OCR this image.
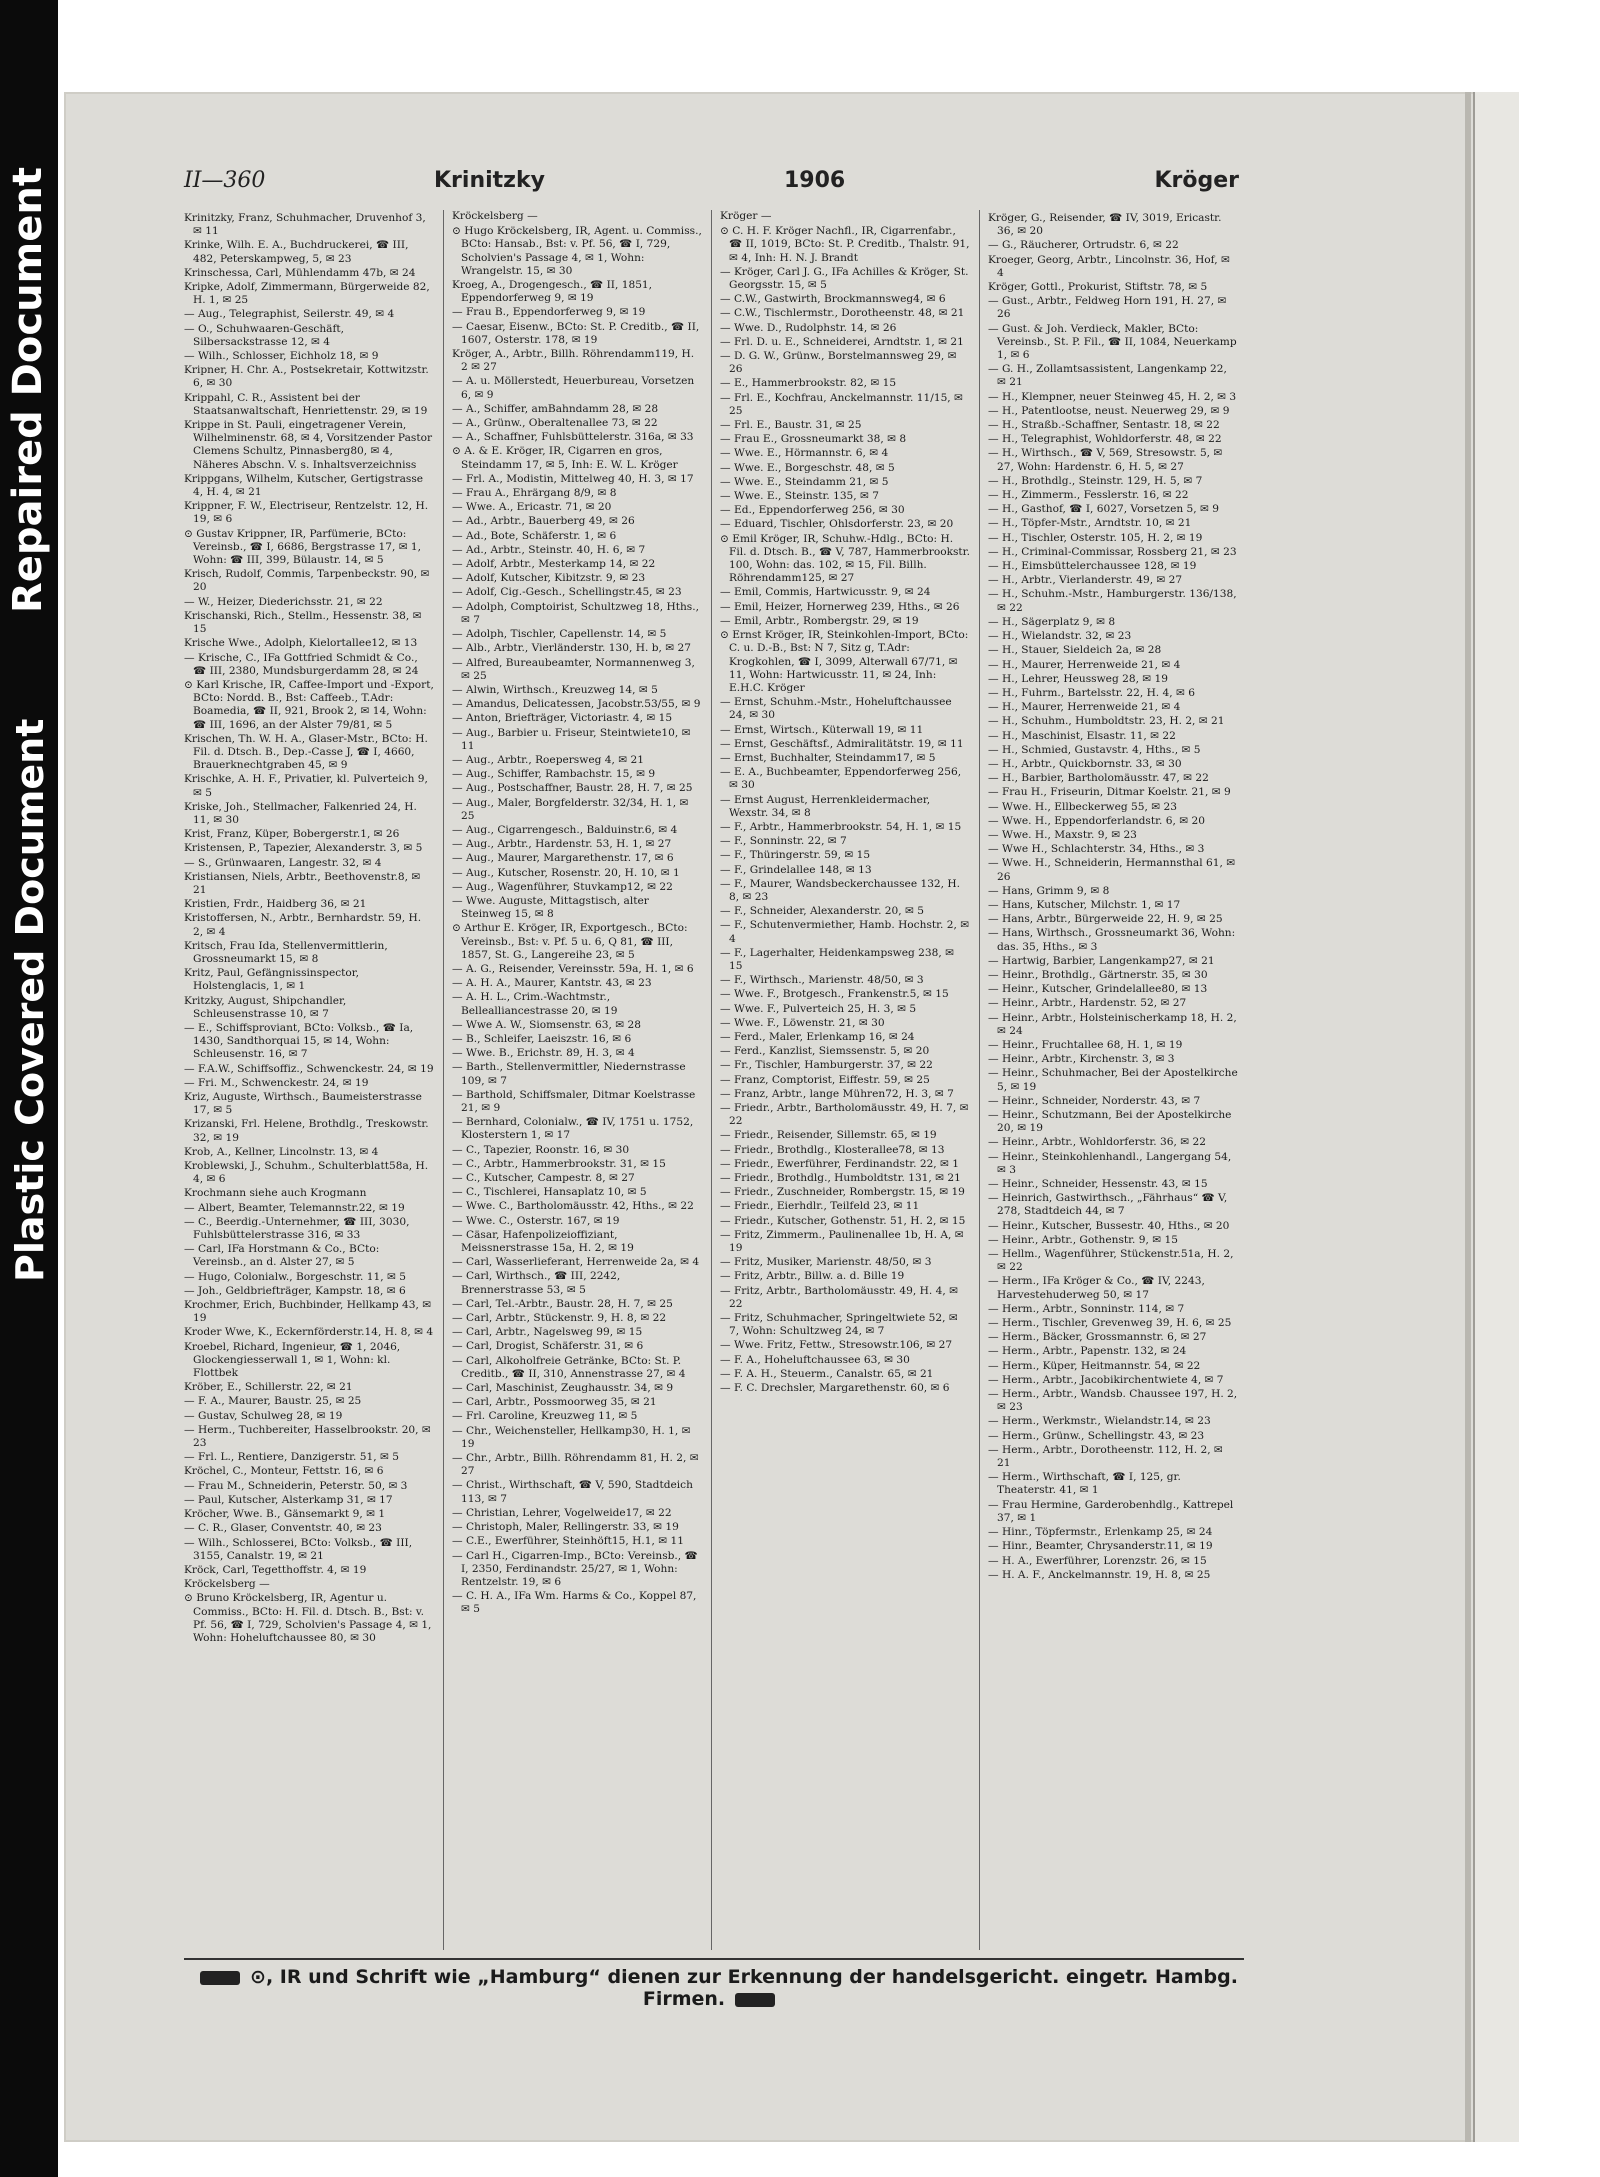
Repaired Document
Plastic Covered Document
II—360	Krinitzky	1906	Kröger
Krinitzky, Franz, Schuhmacher, Druvenhof 3, ✉ 11
Krinke, Wilh. E. A., Buchdruckerei, ☎ III, 482, Peterskampweg, 5, ✉ 23
Krinschessa, Carl, Mühlendamm 47b, ✉ 24
Kripke, Adolf, Zimmermann, Bürgerweide 82, H. 1, ✉ 25
— Aug., Telegraphist, Seilerstr. 49, ✉ 4
— O., Schuhwaaren-Geschäft, Silbersackstrasse 12, ✉ 4
— Wilh., Schlosser, Eichholz 18, ✉ 9
Kripner, H. Chr. A., Postsekretair, Kottwitzstr. 6, ✉ 30
Krippahl, C. R., Assistent bei der Staatsanwaltschaft, Henriettenstr. 29, ✉ 19
Krippe in St. Pauli, eingetragener Verein, Wilhelminenstr. 68, ✉ 4, Vorsitzender Pastor Clemens Schultz, Pinnasberg80, ✉ 4, Näheres Abschn. V. s. Inhaltsverzeichniss
Krippgans, Wilhelm, Kutscher, Gertigstrasse 4, H. 4, ✉ 21
Krippner, F. W., Electriseur, Rentzelstr. 12, H. 19, ✉ 6
⊙ Gustav Krippner, IR, Parfümerie, BCto: Vereinsb., ☎ I, 6686, Bergstrasse 17, ✉ 1, Wohn: ☎ III, 399, Bülaustr. 14, ✉ 5
Krisch, Rudolf, Commis, Tarpenbeckstr. 90, ✉ 20
— W., Heizer, Diederichsstr. 21, ✉ 22
Krischanski, Rich., Stellm., Hessenstr. 38, ✉ 15
Krische Wwe., Adolph, Kielortallee12, ✉ 13
— Krische, C., IFa Gottfried Schmidt & Co., ☎ III, 2380, Mundsburgerdamm 28, ✉ 24
⊙ Karl Krische, IR, Caffee-Import und -Export, BCto: Nordd. B., Bst: Caffeeb., T.Adr: Boamedia, ☎ II, 921, Brook 2, ✉ 14, Wohn: ☎ III, 1696, an der Alster 79/81, ✉ 5
Krischen, Th. W. H. A., Glaser-Mstr., BCto: H. Fil. d. Dtsch. B., Dep.-Casse J, ☎ I, 4660, Brauerknechtgraben 45, ✉ 9
Krischke, A. H. F., Privatier, kl. Pulverteich 9, ✉ 5
Kriske, Joh., Stellmacher, Falkenried 24, H. 11, ✉ 30
Krist, Franz, Küper, Bobergerstr.1, ✉ 26
Kristensen, P., Tapezier, Alexanderstr. 3, ✉ 5
— S., Grünwaaren, Langestr. 32, ✉ 4
Kristiansen, Niels, Arbtr., Beethovenstr.8, ✉ 21
Kristien, Frdr., Haidberg 36, ✉ 21
Kristoffersen, N., Arbtr., Bernhardstr. 59, H. 2, ✉ 4
Kritsch, Frau Ida, Stellenvermittlerin, Grossneumarkt 15, ✉ 8
Kritz, Paul, Gefängnissinspector, Holstenglacis, 1, ✉ 1
Kritzky, August, Shipchandler, Schleusenstrasse 10, ✉ 7
— E., Schiffsproviant, BCto: Volksb., ☎ Ia, 1430, Sandthorquai 15, ✉ 14, Wohn: Schleusenstr. 16, ✉ 7
— F.A.W., Schiffsoffiz., Schwenckestr. 24, ✉ 19
— Fri. M., Schwenckestr. 24, ✉ 19
Kriz, Auguste, Wirthsch., Baumeisterstrasse 17, ✉ 5
Krizanski, Frl. Helene, Brothdlg., Treskowstr. 32, ✉ 19
Krob, A., Kellner, Lincolnstr. 13, ✉ 4
Kroblewski, J., Schuhm., Schulterblatt58a, H. 4, ✉ 6
Krochmann siehe auch Krogmann
— Albert, Beamter, Telemannstr.22, ✉ 19
— C., Beerdig.-Unternehmer, ☎ III, 3030, Fuhlsbüttelerstrasse 316, ✉ 33
— Carl, IFa Horstmann & Co., BCto: Vereinsb., an d. Alster 27, ✉ 5
— Hugo, Colonialw., Borgeschstr. 11, ✉ 5
— Joh., Geldbriefträger, Kampstr. 18, ✉ 6
Krochmer, Erich, Buchbinder, Hellkamp 43, ✉ 19
Kroder Wwe, K., Eckernförderstr.14, H. 8, ✉ 4
Kroebel, Richard, Ingenieur, ☎ 1, 2046, Glockengiesserwall 1, ✉ 1, Wohn: kl. Flottbek
Kröber, E., Schillerstr. 22, ✉ 21
— F. A., Maurer, Baustr. 25, ✉ 25
— Gustav, Schulweg 28, ✉ 19
— Herm., Tuchbereiter, Hasselbrookstr. 20, ✉ 23
— Frl. L., Rentiere, Danzigerstr. 51, ✉ 5
Kröchel, C., Monteur, Fettstr. 16, ✉ 6
— Frau M., Schneiderin, Peterstr. 50, ✉ 3
— Paul, Kutscher, Alsterkamp 31, ✉ 17
Kröcher, Wwe. B., Gänsemarkt 9, ✉ 1
— C. R., Glaser, Conventstr. 40, ✉ 23
— Wilh., Schlosserei, BCto: Volksb., ☎ III, 3155, Canalstr. 19, ✉ 21
Kröck, Carl, Tegetthoffstr. 4, ✉ 19
Kröckelsberg —
⊙ Bruno Kröckelsberg, IR, Agentur u. Commiss., BCto: H. Fil. d. Dtsch. B., Bst: v. Pf. 56, ☎ I, 729, Scholvien's Passage 4, ✉ 1, Wohn: Hoheluftchaussee 80, ✉ 30
Kröckelsberg —
⊙ Hugo Kröckelsberg, IR, Agent. u. Commiss., BCto: Hansab., Bst: v. Pf. 56, ☎ I, 729, Scholvien's Passage 4, ✉ 1, Wohn: Wrangelstr. 15, ✉ 30
Kroeg, A., Drogengesch., ☎ II, 1851, Eppendorferweg 9, ✉ 19
— Frau B., Eppendorferweg 9, ✉ 19
— Caesar, Eisenw., BCto: St. P. Creditb., ☎ II, 1607, Osterstr. 178, ✉ 19
Kröger, A., Arbtr., Billh. Röhrendamm119, H. 2 ✉ 27
— A. u. Möllerstedt, Heuerbureau, Vorsetzen 6, ✉ 9
— A., Schiffer, amBahndamm 28, ✉ 28
— A., Grünw., Oberaltenallee 73, ✉ 22
— A., Schaffner, Fuhlsbüttelerstr. 316a, ✉ 33
⊙ A. & E. Kröger, IR, Cigarren en gros, Steindamm 17, ✉ 5, Inh: E. W. L. Kröger
— Frl. A., Modistin, Mittelweg 40, H. 3, ✉ 17
— Frau A., Ehrärgang 8/9, ✉ 8
— Wwe. A., Ericastr. 71, ✉ 20
— Ad., Arbtr., Bauerberg 49, ✉ 26
— Ad., Bote, Schäferstr. 1, ✉ 6
— Ad., Arbtr., Steinstr. 40, H. 6, ✉ 7
— Adolf, Arbtr., Mesterkamp 14, ✉ 22
— Adolf, Kutscher, Kibitzstr. 9, ✉ 23
— Adolf, Cig.-Gesch., Schellingstr.45, ✉ 23
— Adolph, Comptoirist, Schultzweg 18, Hths., ✉ 7
— Adolph, Tischler, Capellenstr. 14, ✉ 5
— Alb., Arbtr., Vierländerstr. 130, H. b, ✉ 27
— Alfred, Bureaubeamter, Normannenweg 3, ✉ 25
— Alwin, Wirthsch., Kreuzweg 14, ✉ 5
— Amandus, Delicatessen, Jacobstr.53/55, ✉ 9
— Anton, Briefträger, Victoriastr. 4, ✉ 15
— Aug., Barbier u. Friseur, Steintwiete10, ✉ 11
— Aug., Arbtr., Roepersweg 4, ✉ 21
— Aug., Schiffer, Rambachstr. 15, ✉ 9
— Aug., Postschaffner, Baustr. 28, H. 7, ✉ 25
— Aug., Maler, Borgfelderstr. 32/34, H. 1, ✉ 25
— Aug., Cigarrengesch., Balduinstr.6, ✉ 4
— Aug., Arbtr., Hardenstr. 53, H. 1, ✉ 27
— Aug., Maurer, Margarethenstr. 17, ✉ 6
— Aug., Kutscher, Rosenstr. 20, H. 10, ✉ 1
— Aug., Wagenführer, Stuvkamp12, ✉ 22
— Wwe. Auguste, Mittagstisch, alter Steinweg 15, ✉ 8
⊙ Arthur E. Kröger, IR, Exportgesch., BCto: Vereinsb., Bst: v. Pf. 5 u. 6, Q 81, ☎ III, 1857, St. G., Langereihe 23, ✉ 5
— A. G., Reisender, Vereinsstr. 59a, H. 1, ✉ 6
— A. H. A., Maurer, Kantstr. 43, ✉ 23
— A. H. L., Crim.-Wachtmstr., Bellealliancestrasse 20, ✉ 19
— Wwe A. W., Siomsenstr. 63, ✉ 28
— B., Schleifer, Laeiszstr. 16, ✉ 6
— Wwe. B., Erichstr. 89, H. 3, ✉ 4
— Barth., Stellenvermittler, Niedernstrasse 109, ✉ 7
— Barthold, Schiffsmaler, Ditmar Koelstrasse 21, ✉ 9
— Bernhard, Colonialw., ☎ IV, 1751 u. 1752, Klosterstern 1, ✉ 17
— C., Tapezier, Roonstr. 16, ✉ 30
— C., Arbtr., Hammerbrookstr. 31, ✉ 15
— C., Kutscher, Campestr. 8, ✉ 27
— C., Tischlerei, Hansaplatz 10, ✉ 5
— Wwe. C., Bartholomäusstr. 42, Hths., ✉ 22
— Wwe. C., Osterstr. 167, ✉ 19
— Cäsar, Hafenpolizeioffiziant, Meissnerstrasse 15a, H. 2, ✉ 19
— Carl, Wasserlieferant, Herrenweide 2a, ✉ 4
— Carl, Wirthsch., ☎ III, 2242, Brennerstrasse 53, ✉ 5
— Carl, Tel.-Arbtr., Baustr. 28, H. 7, ✉ 25
— Carl, Arbtr., Stückenstr. 9, H. 8, ✉ 22
— Carl, Arbtr., Nagelsweg 99, ✉ 15
— Carl, Drogist, Schäferstr. 31, ✉ 6
— Carl, Alkoholfreie Getränke, BCto: St. P. Creditb., ☎ II, 310, Annenstrasse 27, ✉ 4
— Carl, Maschinist, Zeughausstr. 34, ✉ 9
— Carl, Arbtr., Possmoorweg 35, ✉ 21
— Frl. Caroline, Kreuzweg 11, ✉ 5
— Chr., Weichensteller, Hellkamp30, H. 1, ✉ 19
— Chr., Arbtr., Billh. Röhrendamm 81, H. 2, ✉ 27
— Christ., Wirthschaft, ☎ V, 590, Stadtdeich 113, ✉ 7
— Christian, Lehrer, Vogelweide17, ✉ 22
— Christoph, Maler, Rellingerstr. 33, ✉ 19
— C.E., Ewerführer, Steinhöft15, H.1, ✉ 11
— Carl H., Cigarren-Imp., BCto: Vereinsb., ☎ I, 2350, Ferdinandstr. 25/27, ✉ 1, Wohn: Rentzelstr. 19, ✉ 6
— C. H. A., IFa Wm. Harms & Co., Koppel 87, ✉ 5
Kröger —
⊙ C. H. F. Kröger Nachfl., IR, Cigarrenfabr., ☎ II, 1019, BCto: St. P. Creditb., Thalstr. 91, ✉ 4, Inh: H. N. J. Brandt
— Kröger, Carl J. G., IFa Achilles & Kröger, St. Georgsstr. 15, ✉ 5
— C.W., Gastwirth, Brockmannsweg4, ✉ 6
— C.W., Tischlermstr., Dorotheenstr. 48, ✉ 21
— Wwe. D., Rudolphstr. 14, ✉ 26
— Frl. D. u. E., Schneiderei, Arndtstr. 1, ✉ 21
— D. G. W., Grünw., Borstelmannsweg 29, ✉ 26
— E., Hammerbrookstr. 82, ✉ 15
— Frl. E., Kochfrau, Anckelmannstr. 11/15, ✉ 25
— Frl. E., Baustr. 31, ✉ 25
— Frau E., Grossneumarkt 38, ✉ 8
— Wwe. E., Hörmannstr. 6, ✉ 4
— Wwe. E., Borgeschstr. 48, ✉ 5
— Wwe. E., Steindamm 21, ✉ 5
— Wwe. E., Steinstr. 135, ✉ 7
— Ed., Eppendorferweg 256, ✉ 30
— Eduard, Tischler, Ohlsdorferstr. 23, ✉ 20
⊙ Emil Kröger, IR, Schuhw.-Hdlg., BCto: H. Fil. d. Dtsch. B., ☎ V, 787, Hammerbrookstr. 100, Wohn: das. 102, ✉ 15, Fil. Billh. Röhrendamm125, ✉ 27
— Emil, Commis, Hartwicusstr. 9, ✉ 24
— Emil, Heizer, Hornerweg 239, Hths., ✉ 26
— Emil, Arbtr., Rombergstr. 29, ✉ 19
⊙ Ernst Kröger, IR, Steinkohlen-Import, BCto: C. u. D.-B., Bst: N 7, Sitz g, T.Adr: Krogkohlen, ☎ I, 3099, Alterwall 67/71, ✉ 11, Wohn: Hartwicusstr. 11, ✉ 24, Inh: E.H.C. Kröger
— Ernst, Schuhm.-Mstr., Hoheluftchaussee 24, ✉ 30
— Ernst, Wirtsch., Küterwall 19, ✉ 11
— Ernst, Geschäftsf., Admiralitätstr. 19, ✉ 11
— Ernst, Buchhalter, Steindamm17, ✉ 5
— E. A., Buchbeamter, Eppendorferweg 256, ✉ 30
— Ernst August, Herrenkleidermacher, Wexstr. 34, ✉ 8
— F., Arbtr., Hammerbrookstr. 54, H. 1, ✉ 15
— F., Sonninstr. 22, ✉ 7
— F., Thüringerstr. 59, ✉ 15
— F., Grindelallee 148, ✉ 13
— F., Maurer, Wandsbeckerchaussee 132, H. 8, ✉ 23
— F., Schneider, Alexanderstr. 20, ✉ 5
— F., Schutenvermiether, Hamb. Hochstr. 2, ✉ 4
— F., Lagerhalter, Heidenkampsweg 238, ✉ 15
— F., Wirthsch., Marienstr. 48/50, ✉ 3
— Wwe. F., Brotgesch., Frankenstr.5, ✉ 15
— Wwe. F., Pulverteich 25, H. 3, ✉ 5
— Wwe. F., Löwenstr. 21, ✉ 30
— Ferd., Maler, Erlenkamp 16, ✉ 24
— Ferd., Kanzlist, Siemssenstr. 5, ✉ 20
— Fr., Tischler, Hamburgerstr. 37, ✉ 22
— Franz, Comptorist, Eiffestr. 59, ✉ 25
— Franz, Arbtr., lange Mühren72, H. 3, ✉ 7
— Friedr., Arbtr., Bartholomäusstr. 49, H. 7, ✉ 22
— Friedr., Reisender, Sillemstr. 65, ✉ 19
— Friedr., Brothdlg., Klosterallee78, ✉ 13
— Friedr., Ewerführer, Ferdinandstr. 22, ✉ 1
— Friedr., Brothdlg., Humboldtstr. 131, ✉ 21
— Friedr., Zuschneider, Rombergstr. 15, ✉ 19
— Friedr., Eierhdlr., Teilfeld 23, ✉ 11
— Friedr., Kutscher, Gothenstr. 51, H. 2, ✉ 15
— Fritz, Zimmerm., Paulinenallee 1b, H. A, ✉ 19
— Fritz, Musiker, Marienstr. 48/50, ✉ 3
— Fritz, Arbtr., Billw. a. d. Bille 19
— Fritz, Arbtr., Bartholomäusstr. 49, H. 4, ✉ 22
— Fritz, Schuhmacher, Springeltwiete 52, ✉ 7, Wohn: Schultzweg 24, ✉ 7
— Wwe. Fritz, Fettw., Stresowstr.106, ✉ 27
— F. A., Hoheluftchaussee 63, ✉ 30
— F. A. H., Steuerm., Canalstr. 65, ✉ 21
— F. C. Drechsler, Margarethenstr. 60, ✉ 6
Kröger, G., Reisender, ☎ IV, 3019, Ericastr. 36, ✉ 20
— G., Räucherer, Ortrudstr. 6, ✉ 22
Kroeger, Georg, Arbtr., Lincolnstr. 36, Hof, ✉ 4
Kröger, Gottl., Prokurist, Stiftstr. 78, ✉ 5
— Gust., Arbtr., Feldweg Horn 191, H. 27, ✉ 26
— Gust. & Joh. Verdieck, Makler, BCto: Vereinsb., St. P. Fil., ☎ II, 1084, Neuerkamp 1, ✉ 6
— G. H., Zollamtsassistent, Langenkamp 22, ✉ 21
— H., Klempner, neuer Steinweg 45, H. 2, ✉ 3
— H., Patentlootse, neust. Neuerweg 29, ✉ 9
— H., Straßb.-Schaffner, Sentastr. 18, ✉ 22
— H., Telegraphist, Wohldorferstr. 48, ✉ 22
— H., Wirthsch., ☎ V, 569, Stresowstr. 5, ✉ 27, Wohn: Hardenstr. 6, H. 5, ✉ 27
— H., Brothdlg., Steinstr. 129, H. 5, ✉ 7
— H., Zimmerm., Fesslerstr. 16, ✉ 22
— H., Gasthof, ☎ I, 6027, Vorsetzen 5, ✉ 9
— H., Töpfer-Mstr., Arndtstr. 10, ✉ 21
— H., Tischler, Osterstr. 105, H. 2, ✉ 19
— H., Criminal-Commissar, Rossberg 21, ✉ 23
— H., Eimsbüttelerchaussee 128, ✉ 19
— H., Arbtr., Vierlanderstr. 49, ✉ 27
— H., Schuhm.-Mstr., Hamburgerstr. 136/138, ✉ 22
— H., Sägerplatz 9, ✉ 8
— H., Wielandstr. 32, ✉ 23
— H., Stauer, Sieldeich 2a, ✉ 28
— H., Maurer, Herrenweide 21, ✉ 4
— H., Lehrer, Heussweg 28, ✉ 19
— H., Fuhrm., Bartelsstr. 22, H. 4, ✉ 6
— H., Maurer, Herrenweide 21, ✉ 4
— H., Schuhm., Humboldtstr. 23, H. 2, ✉ 21
— H., Maschinist, Elsastr. 11, ✉ 22
— H., Schmied, Gustavstr. 4, Hths., ✉ 5
— H., Arbtr., Quickbornstr. 33, ✉ 30
— H., Barbier, Bartholomäusstr. 47, ✉ 22
— Frau H., Friseurin, Ditmar Koelstr. 21, ✉ 9
— Wwe. H., Ellbeckerweg 55, ✉ 23
— Wwe. H., Eppendorferlandstr. 6, ✉ 20
— Wwe. H., Maxstr. 9, ✉ 23
— Wwe H., Schlachterstr. 34, Hths., ✉ 3
— Wwe. H., Schneiderin, Hermannsthal 61, ✉ 26
— Hans, Grimm 9, ✉ 8
— Hans, Kutscher, Milchstr. 1, ✉ 17
— Hans, Arbtr., Bürgerweide 22, H. 9, ✉ 25
— Hans, Wirthsch., Grossneumarkt 36, Wohn: das. 35, Hths., ✉ 3
— Hartwig, Barbier, Langenkamp27, ✉ 21
— Heinr., Brothdlg., Gärtnerstr. 35, ✉ 30
— Heinr., Kutscher, Grindelallee80, ✉ 13
— Heinr., Arbtr., Hardenstr. 52, ✉ 27
— Heinr., Arbtr., Holsteinischerkamp 18, H. 2, ✉ 24
— Heinr., Fruchtallee 68, H. 1, ✉ 19
— Heinr., Arbtr., Kirchenstr. 3, ✉ 3
— Heinr., Schuhmacher, Bei der Apostelkirche 5, ✉ 19
— Heinr., Schneider, Norderstr. 43, ✉ 7
— Heinr., Schutzmann, Bei der Apostelkirche 20, ✉ 19
— Heinr., Arbtr., Wohldorferstr. 36, ✉ 22
— Heinr., Steinkohlenhandl., Langergang 54, ✉ 3
— Heinr., Schneider, Hessenstr. 43, ✉ 15
— Heinrich, Gastwirthsch., „Fährhaus“ ☎ V, 278, Stadtdeich 44, ✉ 7
— Heinr., Kutscher, Bussestr. 40, Hths., ✉ 20
— Heinr., Arbtr., Gothenstr. 9, ✉ 15
— Hellm., Wagenführer, Stückenstr.51a, H. 2, ✉ 22
— Herm., IFa Kröger & Co., ☎ IV, 2243, Harvestehuderweg 50, ✉ 17
— Herm., Arbtr., Sonninstr. 114, ✉ 7
— Herm., Tischler, Grevenweg 39, H. 6, ✉ 25
— Herm., Bäcker, Grossmannstr. 6, ✉ 27
— Herm., Arbtr., Papenstr. 132, ✉ 24
— Herm., Küper, Heitmannstr. 54, ✉ 22
— Herm., Arbtr., Jacobikirchentwiete 4, ✉ 7
— Herm., Arbtr., Wandsb. Chaussee 197, H. 2, ✉ 23
— Herm., Werkmstr., Wielandstr.14, ✉ 23
— Herm., Grünw., Schellingstr. 43, ✉ 23
— Herm., Arbtr., Dorotheenstr. 112, H. 2, ✉ 21
— Herm., Wirthschaft, ☎ I, 125, gr. Theaterstr. 41, ✉ 1
— Frau Hermine, Garderobenhdlg., Kattrepel 37, ✉ 1
— Hinr., Töpfermstr., Erlenkamp 25, ✉ 24
— Hinr., Beamter, Chrysanderstr.11, ✉ 19
— H. A., Ewerführer, Lorenzstr. 26, ✉ 15
— H. A. F., Anckelmannstr. 19, H. 8, ✉ 25
⊙, IR und Schrift wie „Hamburg“ dienen zur Erkennung der handelsgericht. eingetr. Hambg. Firmen.
